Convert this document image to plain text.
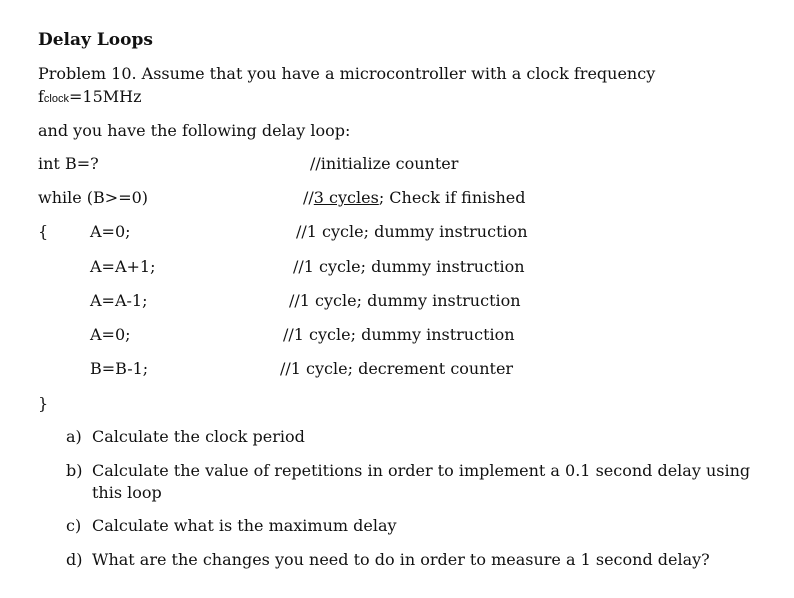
Delay Loops
Problem 10. Assume that you have a microcontroller with a clock frequency
fclock=15MHz
and you have the following delay loop:
int B=?	//initialize counter
while (B>=0)	//3 cycles; Check if finished
{	A=0;	//1 cycle; dummy instruction
A=A+1;	//1 cycle; dummy instruction
A=A-1;	//1 cycle; dummy instruction
A=0;	//1 cycle; dummy instruction
B=B-1;	//1 cycle; decrement counter
}
a) Calculate the clock period
b) Calculate the value of repetitions in order to implement a 0.1 second delay using
this loop
c) Calculate what is the maximum delay
d) What are the changes you need to do in order to measure a 1 second delay?
